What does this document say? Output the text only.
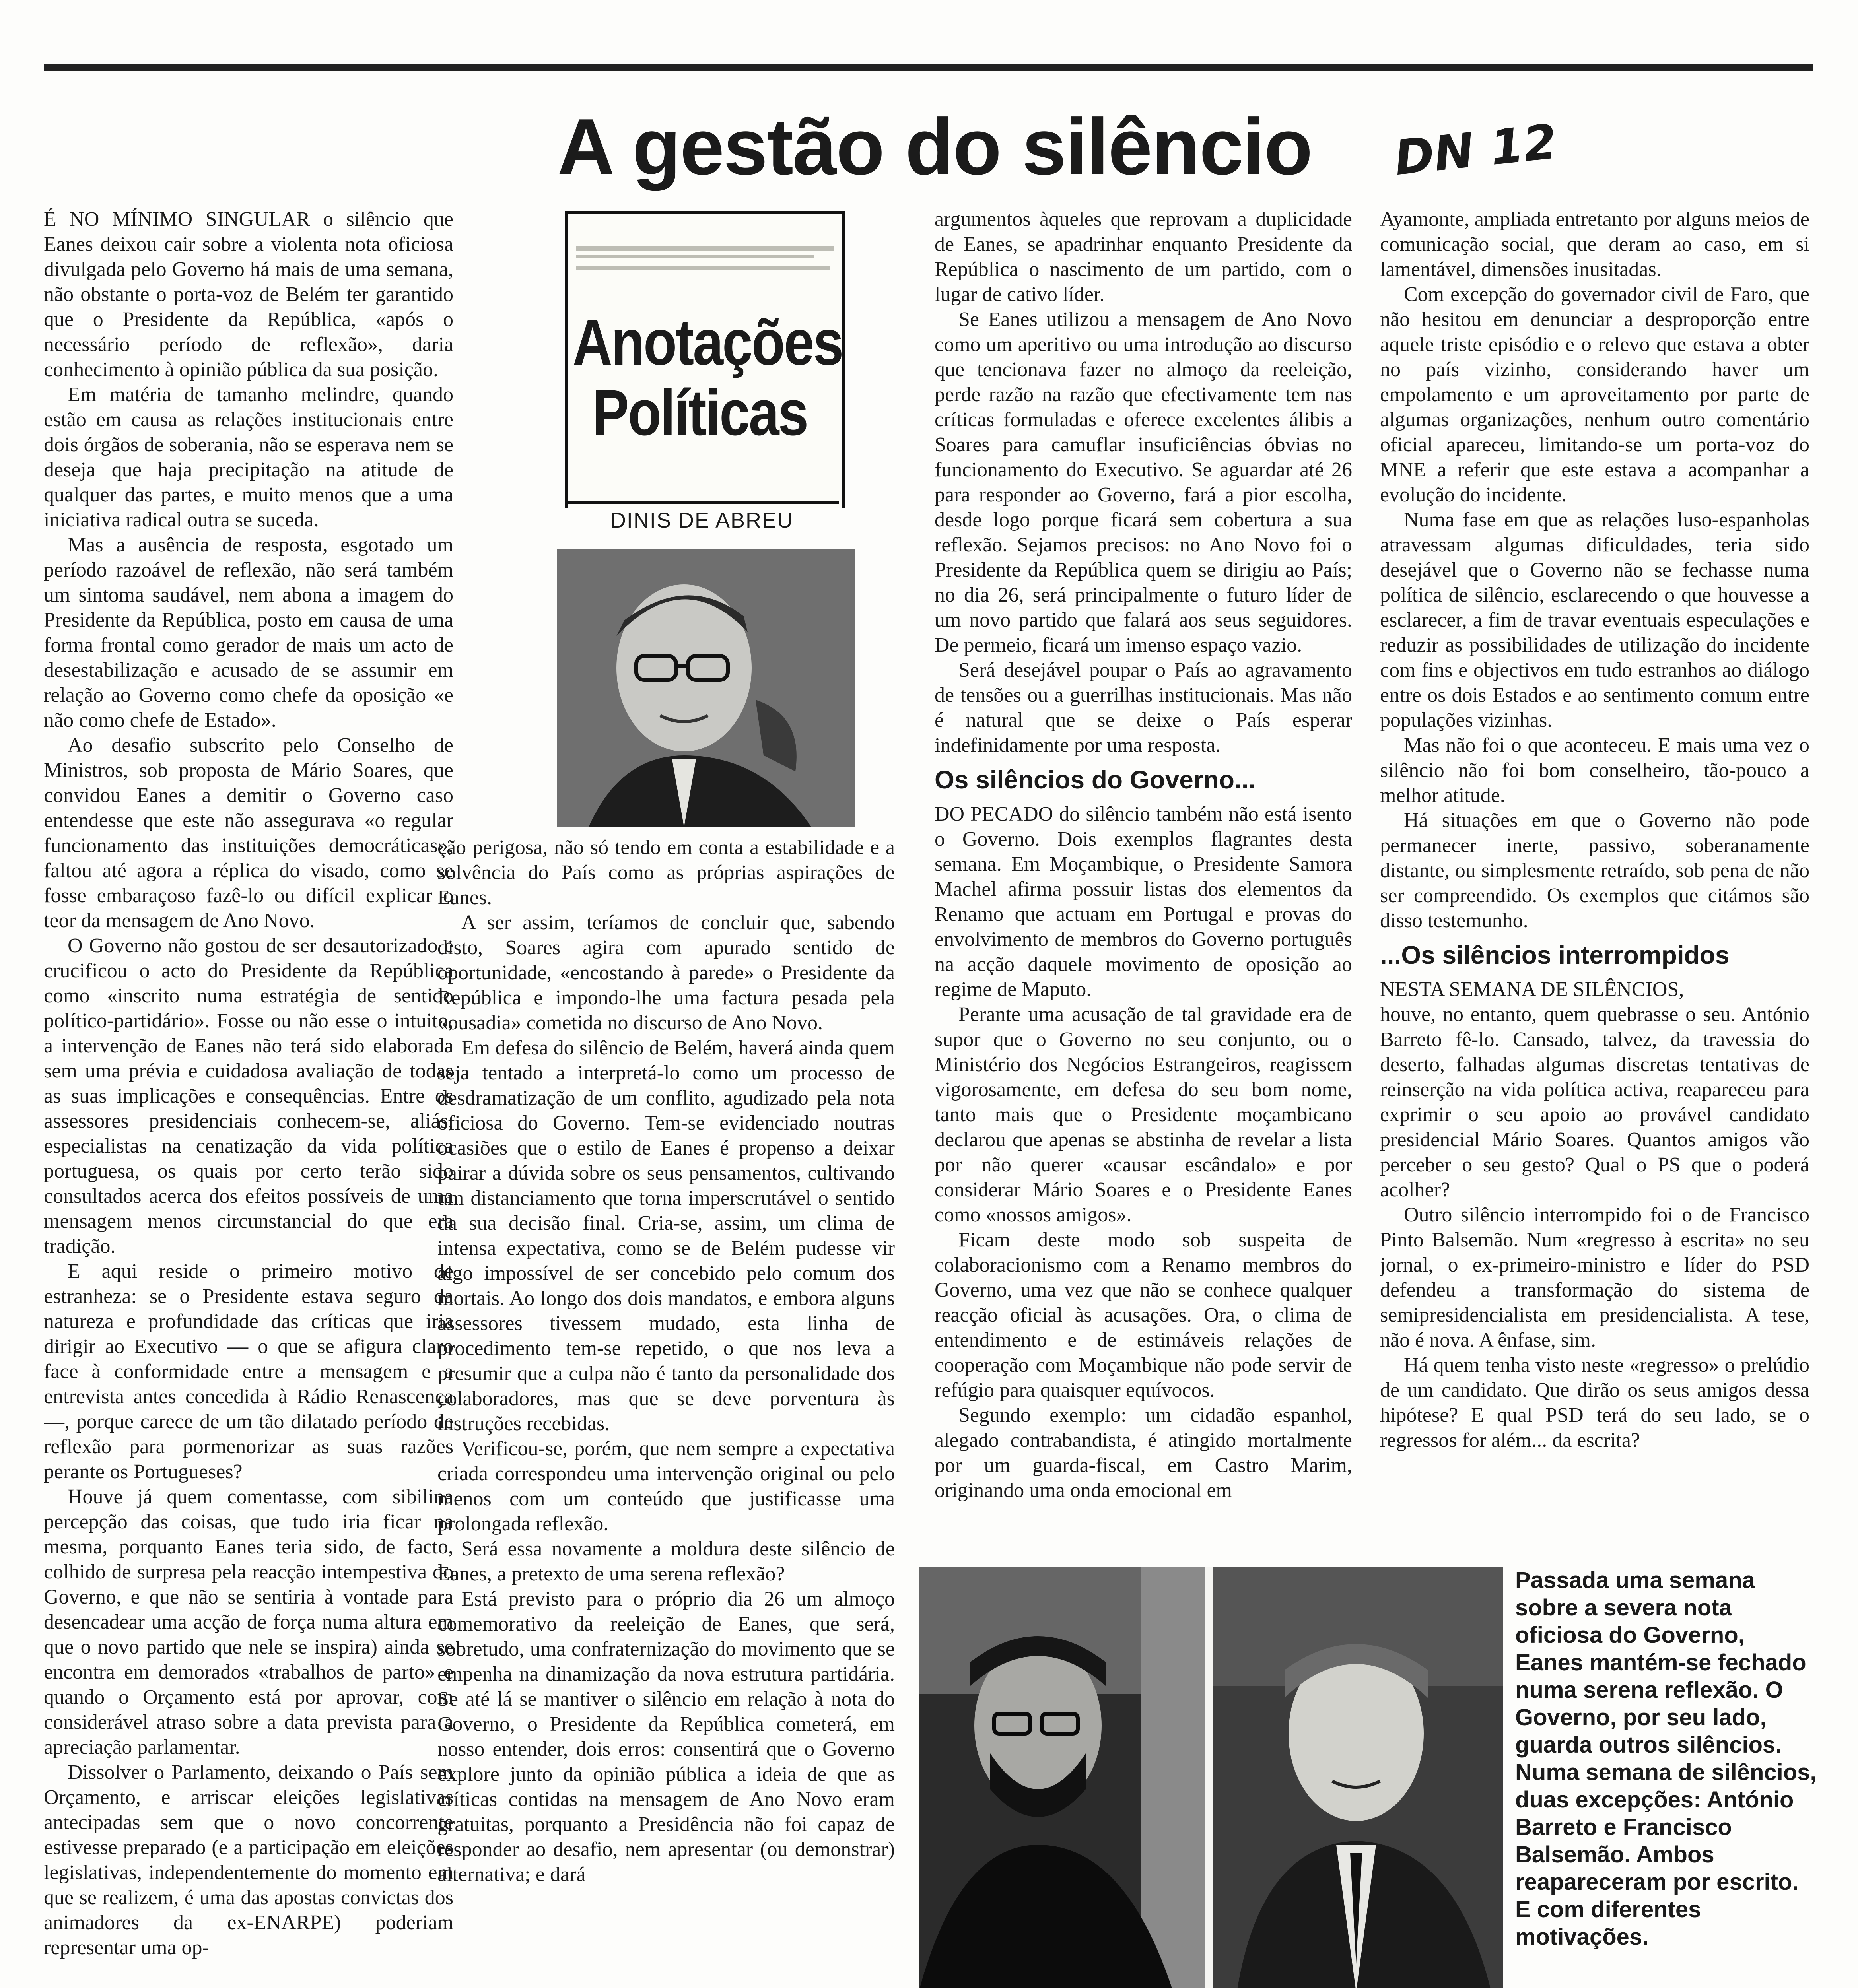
A gestão do silêncio	DN 12

É NO MÍNIMO SINGULAR o silêncio que Eanes deixou cair sobre a violenta nota oficiosa divulgada pelo Governo há mais de uma semana, não obstante o porta-voz de Belém ter garantido que o Presidente da República, «após o necessário período de reflexão», daria conhecimento à opinião pública da sua posição.

Em matéria de tamanho melindre, quando estão em causa as relações institucionais entre dois órgãos de soberania, não se esperava nem se deseja que haja precipitação na atitude de qualquer das partes, e muito menos que a uma iniciativa radical outra se suceda.

Mas a ausência de resposta, esgotado um período razoável de reflexão, não será também um sintoma saudável, nem abona a imagem do Presidente da República, posto em causa de uma forma frontal como gerador de mais um acto de desestabilização e acusado de se assumir em relação ao Governo como chefe da oposição «e não como chefe de Estado».

Ao desafio subscrito pelo Conselho de Ministros, sob proposta de Mário Soares, que convidou Eanes a demitir o Governo caso entendesse que este não assegurava «o regular funcionamento das instituições democráticas», faltou até agora a réplica do visado, como se fosse embaraçoso fazê-lo ou difícil explicar o teor da mensagem de Ano Novo.

O Governo não gostou de ser desautorizado e crucificou o acto do Presidente da República como «inscrito numa estratégia de sentido político-partidário». Fosse ou não esse o intuito, a intervenção de Eanes não terá sido elaborada sem uma prévia e cuidadosa avaliação de todas as suas implicações e consequências. Entre os assessores presidenciais conhecem-se, aliás, especialistas na cenatização da vida política portuguesa, os quais por certo terão sido consultados acerca dos efeitos possíveis de uma mensagem menos circunstancial do que era tradição.

E aqui reside o primeiro motivo de estranheza: se o Presidente estava seguro da natureza e profundidade das críticas que iria dirigir ao Executivo — o que se afigura claro face à conformidade entre a mensagem e a entrevista antes concedida à Rádio Renascença —, porque carece de um tão dilatado período de reflexão para pormenorizar as suas razões perante os Portugueses?

Houve já quem comentasse, com sibilina percepção das coisas, que tudo iria ficar na mesma, porquanto Eanes teria sido, de facto, colhido de surpresa pela reacção intempestiva do Governo, e que não se sentiria à vontade para desencadear uma acção de força numa altura em que o novo partido que nele se inspira) ainda se encontra em demorados «trabalhos de parto» e quando o Orçamento está por aprovar, com considerável atraso sobre a data prevista para a apreciação parlamentar.

Dissolver o Parlamento, deixando o País sem Orçamento, e arriscar eleições legislativas antecipadas sem que o novo concorrente estivesse preparado (e a participação em eleições legislativas, independentemente do momento em que se realizem, é uma das apostas convictas dos animadores da ex-ENARPE) poderiam representar uma op-

Anotações
Políticas
DINIS DE ABREU

ção perigosa, não só tendo em conta a estabilidade e a solvência do País como as próprias aspirações de Eanes.

A ser assim, teríamos de concluir que, sabendo disto, Soares agira com apurado sentido de oportunidade, «encostando à parede» o Presidente da República e impondo-lhe uma factura pesada pela «ousadia» cometida no discurso de Ano Novo.

Em defesa do silêncio de Belém, haverá ainda quem seja tentado a interpretá-lo como um processo de desdramatização de um conflito, agudizado pela nota oficiosa do Governo. Tem-se evidenciado noutras ocasiões que o estilo de Eanes é propenso a deixar pairar a dúvida sobre os seus pensamentos, cultivando um distanciamento que torna imperscrutável o sentido da sua decisão final. Cria-se, assim, um clima de intensa expectativa, como se de Belém pudesse vir algo impossível de ser concebido pelo comum dos mortais. Ao longo dos dois mandatos, e embora alguns assessores tivessem mudado, esta linha de procedimento tem-se repetido, o que nos leva a presumir que a culpa não é tanto da personalidade dos colaboradores, mas que se deve porventura às instruções recebidas.

Verificou-se, porém, que nem sempre a expectativa criada correspondeu uma intervenção original ou pelo menos com um conteúdo que justificasse uma prolongada reflexão.

Será essa novamente a moldura deste silêncio de Eanes, a pretexto de uma serena reflexão?

Está previsto para o próprio dia 26 um almoço comemorativo da reeleição de Eanes, que será, sobretudo, uma confraternização do movimento que se empenha na dinamização da nova estrutura partidária. Se até lá se mantiver o silêncio em relação à nota do Governo, o Presidente da República cometerá, em nosso entender, dois erros: consentirá que o Governo explore junto da opinião pública a ideia de que as críticas contidas na mensagem de Ano Novo eram gratuitas, porquanto a Presidência não foi capaz de responder ao desafio, nem apresentar (ou demonstrar) alternativa; e dará

argumentos àqueles que reprovam a duplicidade de Eanes, se apadrinhar enquanto Presidente da República o nascimento de um partido, com o lugar de cativo líder.

Se Eanes utilizou a mensagem de Ano Novo como um aperitivo ou uma introdução ao discurso que tencionava fazer no almoço da reeleição, perde razão na razão que efectivamente tem nas críticas formuladas e oferece excelentes álibis a Soares para camuflar insuficiências óbvias no funcionamento do Executivo. Se aguardar até 26 para responder ao Governo, fará a pior escolha, desde logo porque ficará sem cobertura a sua reflexão. Sejamos precisos: no Ano Novo foi o Presidente da República quem se dirigiu ao País; no dia 26, será principalmente o futuro líder de um novo partido que falará aos seus seguidores. De permeio, ficará um imenso espaço vazio.

Será desejável poupar o País ao agravamento de tensões ou a guerrilhas institucionais. Mas não é natural que se deixe o País esperar indefinidamente por uma resposta.

Os silêncios do Governo...

DO PECADO do silêncio também não está isento o Governo. Dois exemplos flagrantes desta semana. Em Moçambique, o Presidente Samora Machel afirma possuir listas dos elementos da Renamo que actuam em Portugal e provas do envolvimento de membros do Governo português na acção daquele movimento de oposição ao regime de Maputo.

Perante uma acusação de tal gravidade era de supor que o Governo no seu conjunto, ou o Ministério dos Negócios Estrangeiros, reagissem vigorosamente, em defesa do seu bom nome, tanto mais que o Presidente moçambicano declarou que apenas se abstinha de revelar a lista por não querer «causar escândalo» e por considerar Mário Soares e o Presidente Eanes como «nossos amigos».

Ficam deste modo sob suspeita de colaboracionismo com a Renamo membros do Governo, uma vez que não se conhece qualquer reacção oficial às acusações. Ora, o clima de entendimento e de estimáveis relações de cooperação com Moçambique não pode servir de refúgio para quaisquer equívocos.

Segundo exemplo: um cidadão espanhol, alegado contrabandista, é atingido mortalmente por um guarda-fiscal, em Castro Marim, originando uma onda emocional em

Ayamonte, ampliada entretanto por alguns meios de comunicação social, que deram ao caso, em si lamentável, dimensões inusitadas.

Com excepção do governador civil de Faro, que não hesitou em denunciar a desproporção entre aquele triste episódio e o relevo que estava a obter no país vizinho, considerando haver um empolamento e um aproveitamento por parte de algumas organizações, nenhum outro comentário oficial apareceu, limitando-se um porta-voz do MNE a referir que este estava a acompanhar a evolução do incidente.

Numa fase em que as relações luso-espanholas atravessam algumas dificuldades, teria sido desejável que o Governo não se fechasse numa política de silêncio, esclarecendo o que houvesse a esclarecer, a fim de travar eventuais especulações e reduzir as possibilidades de utilização do incidente com fins e objectivos em tudo estranhos ao diálogo entre os dois Estados e ao sentimento comum entre populações vizinhas.

Mas não foi o que aconteceu. E mais uma vez o silêncio não foi bom conselheiro, tão-pouco a melhor atitude.

Há situações em que o Governo não pode permanecer inerte, passivo, soberanamente distante, ou simplesmente retraído, sob pena de não ser compreendido. Os exemplos que citámos são disso testemunho.

...Os silêncios interrompidos

NESTA SEMANA DE SILÊNCIOS,

houve, no entanto, quem quebrasse o seu. António Barreto fê-lo. Cansado, talvez, da travessia do deserto, falhadas algumas discretas tentativas de reinserção na vida política activa, reapareceu para exprimir o seu apoio ao provável candidato presidencial Mário Soares. Quantos amigos vão perceber o seu gesto? Qual o PS que o poderá acolher?

Outro silêncio interrompido foi o de Francisco Pinto Balsemão. Num «regresso à escrita» no seu jornal, o ex-primeiro-ministro e líder do PSD defendeu a transformação do sistema de semipresidencialista em presidencialista. A tese, não é nova. A ênfase, sim.

Há quem tenha visto neste «regresso» o prelúdio de um candidato. Que dirão os seus amigos dessa hipótese? E qual PSD terá do seu lado, se o regressos for além... da escrita?

Passada uma semana sobre a severa nota oficiosa do Governo, Eanes mantém-se fechado numa serena reflexão. O Governo, por seu lado, guarda outros silêncios. Numa semana de silêncios, duas excepções: António Barreto e Francisco Balsemão. Ambos reapareceram por escrito. E com diferentes motivações.
